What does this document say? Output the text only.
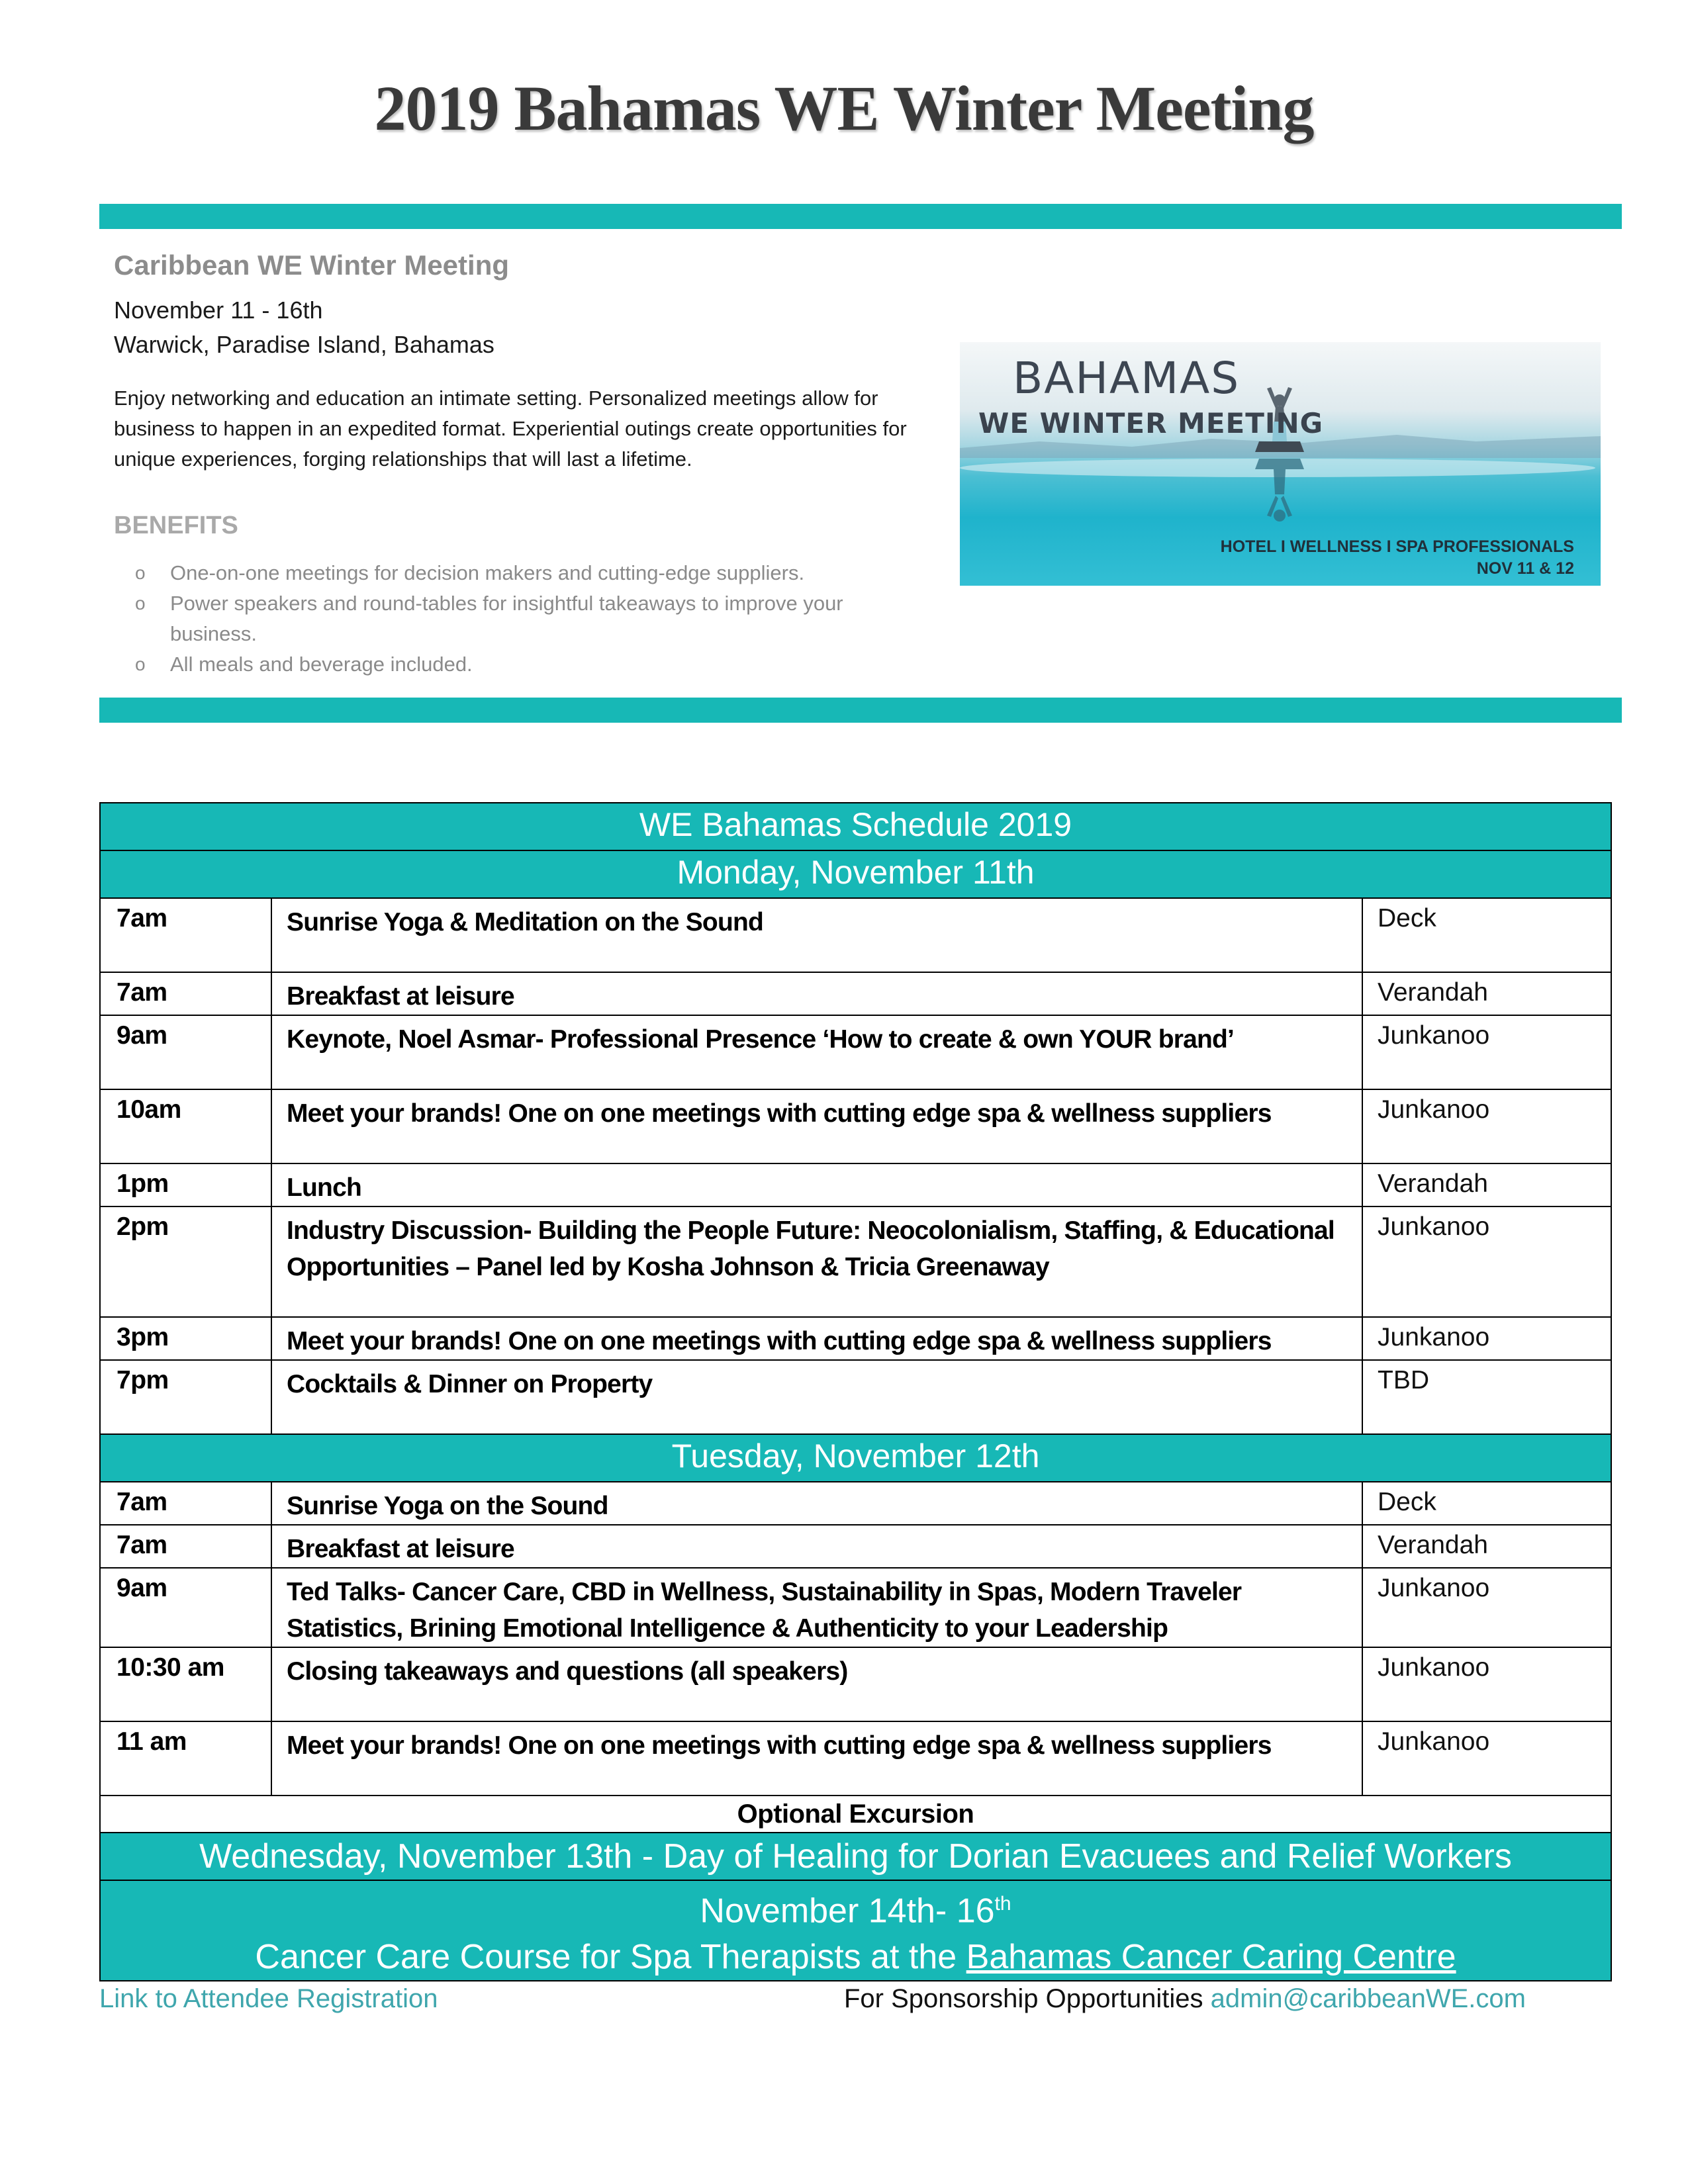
2019 Bahamas WE Winter Meeting
Caribbean WE Winter Meeting
November 11 - 16th
Warwick, Paradise Island, Bahamas
Enjoy networking and education an intimate setting. Personalized meetings allow for business to happen in an expedited format. Experiential outings create opportunities for unique experiences, forging relationships that will last a lifetime.
BENEFITS
o One-on-one meetings for decision makers and cutting-edge suppliers.
o Power speakers and round-tables for insightful takeaways to improve your business.
o All meals and beverage included.
BAHAMAS
WE WINTER MEETING
HOTEL I WELLNESS I SPA PROFESSIONALS
NOV 11 & 12
WE Bahamas Schedule 2019		
Monday, November 11th		
7am	Sunrise Yoga & Meditation on the Sound	Deck
7am	Breakfast at leisure	Verandah
9am	Keynote, Noel Asmar- Professional Presence ‘How to create & own YOUR brand’	Junkanoo
10am	Meet your brands! One on one meetings with cutting edge spa & wellness suppliers	Junkanoo
1pm	Lunch	Verandah
2pm	Industry Discussion- Building the People Future: Neocolonialism, Staffing, & Educational Opportunities – Panel led by Kosha Johnson & Tricia Greenaway	Junkanoo
3pm	Meet your brands! One on one meetings with cutting edge spa & wellness suppliers	Junkanoo
7pm	Cocktails & Dinner on Property	TBD
Tuesday, November 12th		
7am	Sunrise Yoga on the Sound	Deck
7am	Breakfast at leisure	Verandah
9am	Ted Talks- Cancer Care, CBD in Wellness, Sustainability in Spas, Modern Traveler Statistics, Brining Emotional Intelligence & Authenticity to your Leadership	Junkanoo
10:30 am	Closing takeaways and questions (all speakers)	Junkanoo
11 am	Meet your brands! One on one meetings with cutting edge spa & wellness suppliers	Junkanoo
Optional Excursion		
Wednesday, November 13th - Day of Healing for Dorian Evacuees and Relief Workers		

November 14th- 16th
Cancer Care Course for Spa Therapists at the Bahamas Cancer Caring Centre		
Link to Attendee Registration	For Sponsorship Opportunities admin@caribbeanWE.com
